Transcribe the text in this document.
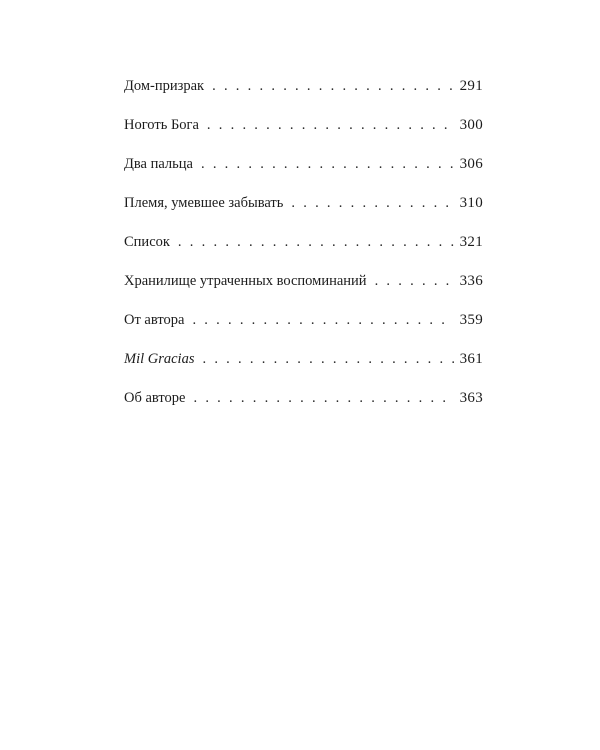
Дом-призрак . . .	291
Ноготь Бога . . .	300
Два пальца . . .	306
Племя, умевшее забывать . . .	310
Список . . .	321
Хранилище утраченных воспоминаний . . .	336
От автора . . .	359
Mil Gracias . . .	361
Об авторе . . .	363
